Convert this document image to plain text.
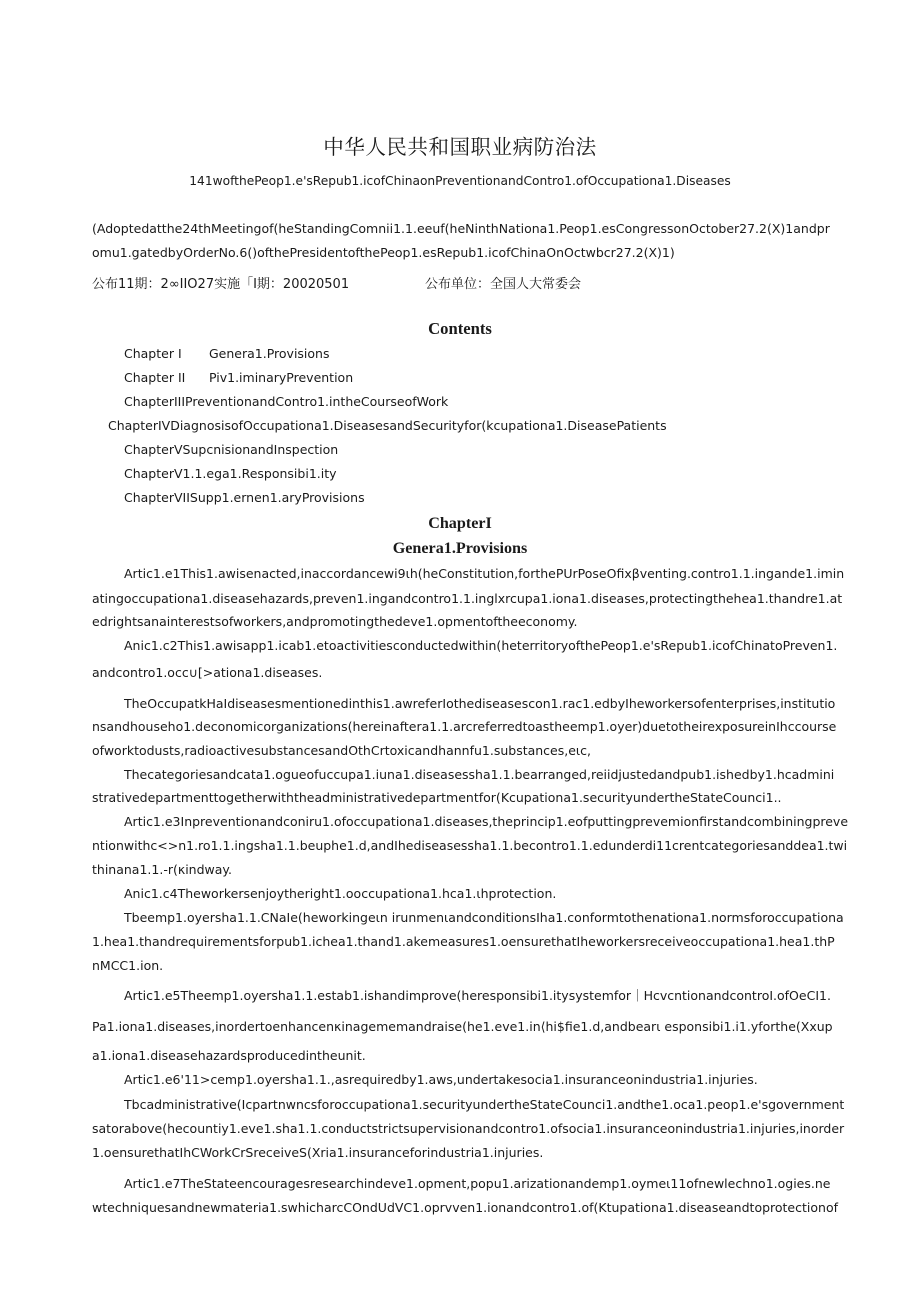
中华人民共和国职业病防治法
141wofthePeop1.e'sRepub1.icofChinaonPreventionandContro1.ofOccupationa1.Diseases
(Adoptedatthe24thMeetingof(heStandingComnii1.1.eeuf(heNinthNationa1.Peop1.esCongressonOctober27.2(X)1andpr
omu1.gatedbyOrderNo.6()ofthePresidentofthePeop1.esRepub1.icofChinaOnOctwbcr27.2(X)1)
公布11期：2∞IIO27实施「I期：20020501	公布单位：全国人大常委会
Contents
Chapter I Genera1.Provisions
Chapter II Piv1.iminaryPrevention
ChapterIIIPreventionandContro1.intheCourseofWork
ChapterIVDiagnosisofOccupationa1.DiseasesandSecurityfor(kcupationa1.DiseasePatients
ChapterVSupcnisionandInspection
ChapterV1.1.ega1.Responsibi1.ity
ChapterVIISupp1.ernen1.aryProvisions
ChapterI
Genera1.Provisions
Artic1.e1This1.awisenacted,inaccordancewi9ιh(heConstitution,forthePUrPoseOfixβventing.contro1.1.ingande1.imin
atingoccupationa1.diseasehazards,preven1.ingandcontro1.1.inglxrcupa1.iona1.diseases,protectingthehea1.thandre1.at
edrightsanainterestsofworkers,andpromotingthedeve1.opmentoftheeconomy.
Anic1.c2This1.awisapp1.icab1.etoactivitiesconductedwithin(heterritoryofthePeop1.e'sRepub1.icofChinatoPreven1.
andcontro1.occ∪[>ationa1.diseases.
TheOccupatkHaIdiseasesmentionedinthis1.awreferIothediseasescon1.rac1.edbyIheworkersofenterprises,institutio
nsandhouseho1.deconomicorganizations(hereinaftera1.1.arcreferredtoastheemp1.oyer)duetotheirexposureinIhccourse
ofworktodusts,radioactivesubstancesandOthCrtoxicandhannfu1.substances,eιc,
Thecategoriesandcata1.ogueofuccupa1.iuna1.diseasessha1.1.bearranged,reiidjustedandpub1.ishedby1.hcadmini
strativedepartmenttogetherwiththeadministrativedepartmentfor(Kcupationa1.securityundertheStateCounci1..
Artic1.e3Inpreventionandconiru1.ofoccupationa1.diseases,theprincip1.eofputtingprevemionfirstandcombiningpreve
ntionwithc<>n1.ro1.1.ingsha1.1.beuphe1.d,andIhediseasessha1.1.becontro1.1.edunderdi11crentcategoriesanddea1.twi
thinana1.1.-r(κindway.
Anic1.c4Theworkersenjoytheright1.ooccupationa1.hca1.ιhprotection.
Tbeemp1.oyersha1.1.CNaIe(heworkingeιn irunmenιandconditionsIha1.conformtothenationa1.normsforoccupationa
1.hea1.thandrequirementsforpub1.ichea1.thand1.akemeasures1.oensurethatIheworkersreceiveoccupationa1.hea1.thP
nMCC1.ion.
Artic1.e5Theemp1.oyersha1.1.estab1.ishandimprove(heresponsibi1.itysystemfor｜HcvcntionandcontroI.ofOeCI1.
Pa1.iona1.diseases,inordertoenhancenκinagememandraise(he1.eve1.in⟨hi$fie1.d,andbearι esponsibi1.i1.yforthe(Xxup
a1.iona1.diseasehazardsproducedintheunit.
Artic1.e6'11>cemp1.oyersha1.1.,asrequiredby1.aws,undertakesocia1.insuranceonindustria1.injuries.
Tbcadministrative(Icpartnwncsforoccupationa1.securityundertheStateCounci1.andthe1.oca1.peop1.e'sgovernment
satorabove(hecountiy1.eve1.sha1.1.conductstrictsupervisionandcontro1.ofsocia1.insuranceonindustria1.injuries,inorder
1.oensurethatIhCWorkCrSreceiveS(Xria1.insuranceforindustria1.injuries.
Artic1.e7TheStateencouragesresearchindeve1.opment,popu1.arizationandemp1.oymeι11ofnewlechno1.ogies.ne
wtechniquesandnewmateria1.swhicharcCOndUdVC1.oprvven1.ionandcontro1.of(Ktupationa1.diseaseandtoprotectionof
